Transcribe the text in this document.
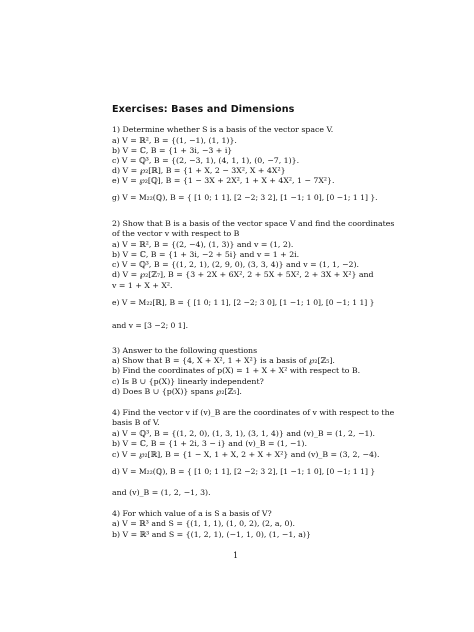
Exercises: Bases and Dimensions
1) Determine whether S is a basis of the vector space V.
a) V = ℝ², B = {(1, −1), (1, 1)}.
b) V = ℂ, B = {1 + 3i, −3 + i}
c) V = ℚ³, B = {(2, −3, 1), (4, 1, 1), (0, −7, 1)}.
d) V = ℘₂[ℝ], B = {1 + X, 2 − 3X², X + 4X²}
e) V = ℘₂[ℚ], B = {1 − 3X + 2X², 1 + X + 4X², 1 − 7X²}.
g) V = M₂₂(ℚ), B = { [1 0; 1 1], [2 −2; 3 2], [1 −1; 1 0], [0 −1; 1 1] }.
2) Show that B is a basis of the vector space V and find the coordinates
of the vector v with respect to B
a) V = ℝ², B = {(2, −4), (1, 3)} and v = (1, 2).
b) V = ℂ, B = {1 + 3i, −2 + 5i} and v = 1 + 2i.
c) V = ℚ³, B = {(1, 2, 1), (2, 9, 0), (3, 3, 4)} and v = (1, 1, −2).
d) V = ℘₂[ℤ₇], B = {3 + 2X + 6X², 2 + 5X + 5X², 2 + 3X + X²} and
v = 1 + X + X².
e) V = M₂₂[ℝ], B = { [1 0; 1 1], [2 −2; 3 0], [1 −1; 1 0], [0 −1; 1 1] }
and v = [3 −2; 0 1].
3) Answer to the following questions
a) Show that B = {4, X + X², 1 + X²} is a basis of ℘₂[ℤ₅].
b) Find the coordinates of p(X) = 1 + X + X² with respect to B.
c) Is B ∪ {p(X)} linearly independent?
d) Does B ∪ {p(X)} spans ℘₂[ℤ₅].
4) Find the vector v if (v)_B are the coordinates of v with respect to the
basis B of V.
a) V = ℚ³, B = {(1, 2, 0), (1, 3, 1), (3, 1, 4)} and (v)_B = (1, 2, −1).
b) V = ℂ, B = {1 + 2i, 3 − i} and (v)_B = (1, −1).
c) V = ℘₂[ℝ], B = {1 − X, 1 + X, 2 + X + X²} and (v)_B = (3, 2, −4).
d) V = M₂₂(ℚ), B = { [1 0; 1 1], [2 −2; 3 2], [1 −1; 1 0], [0 −1; 1 1] }
and (v)_B = (1, 2, −1, 3).
4) For which value of a is S a basis of V?
a) V = ℝ³ and S = {(1, 1, 1), (1, 0, 2), (2, a, 0).
b) V = ℝ³ and S = {(1, 2, 1), (−1, 1, 0), (1, −1, a)}
1
